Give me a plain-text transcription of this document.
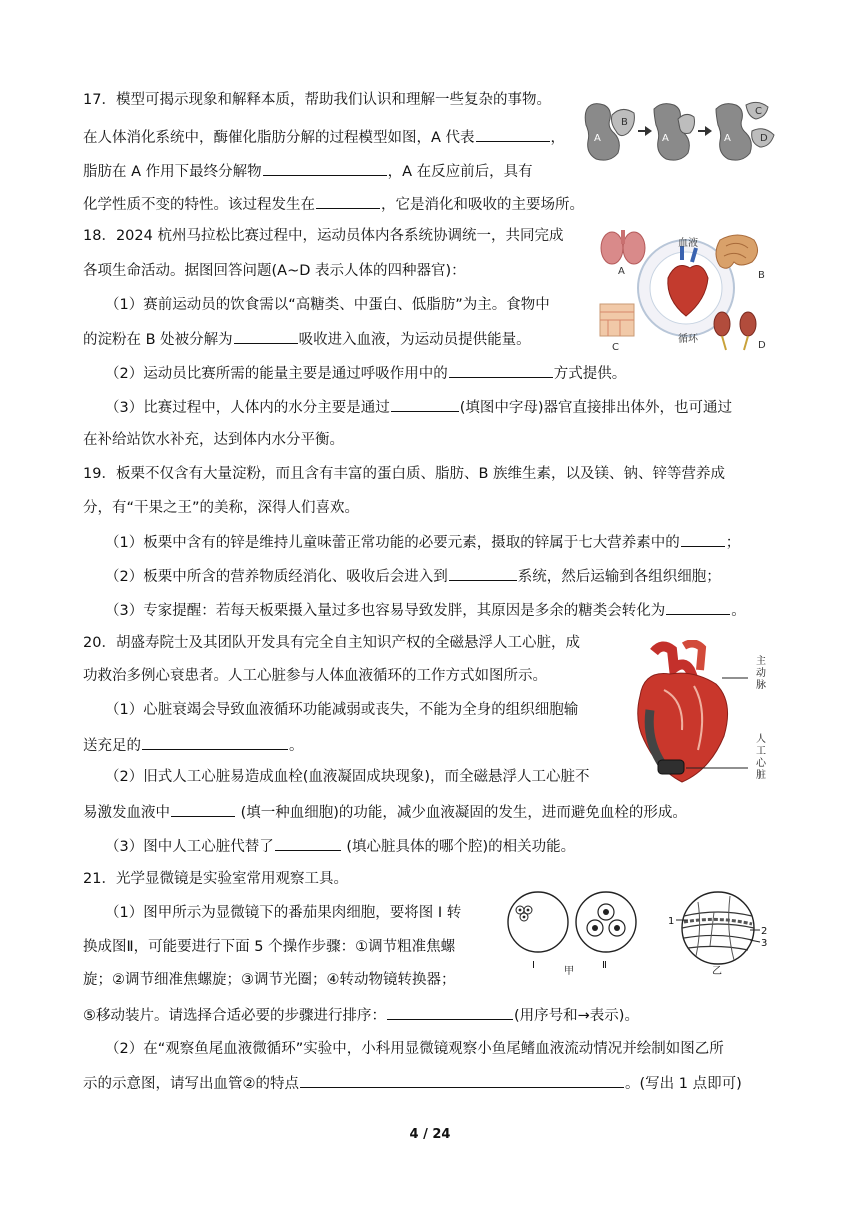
17．模型可揭示现象和解释本质，帮助我们认识和理解一些复杂的事物。
在人体消化系统中，酶催化脂肪分解的过程模型如图，A 代表	，
脂肪在 A 作用下最终分解物	，A 在反应前后，具有
化学性质不变的特性。该过程发生在	，它是消化和吸收的主要场所。
A
B
A
C
A	D
18．2024 杭州马拉松比赛过程中，运动员体内各系统协调统一，共同完成
各项生命活动。据图回答问题(A~D 表示人体的四种器官)：
（1）赛前运动员的饮食需以“高糖类、中蛋白、低脂肪”为主。食物中
的淀粉在 B 处被分解为	吸收进入血液，为运动员提供能量。
（2）运动员比赛所需的能量主要是通过呼吸作用中的	方式提供。
（3）比赛过程中，人体内的水分主要是通过	(填图中字母)器官直接排出体外，也可通过
在补给站饮水补充，达到体内水分平衡。
A
血液
循环
B
C	D
19．板栗不仅含有大量淀粉，而且含有丰富的蛋白质、脂肪、B 族维生素，以及镁、钠、锌等营养成
分，有“干果之王”的美称，深得人们喜欢。
（1）板栗中含有的锌是维持儿童味蕾正常功能的必要元素，摄取的锌属于七大营养素中的	；
（2）板栗中所含的营养物质经消化、吸收后会进入到	系统，然后运输到各组织细胞；
（3）专家提醒：若每天板栗摄入量过多也容易导致发胖，其原因是多余的糖类会转化为	。
20．胡盛寿院士及其团队开发具有完全自主知识产权的全磁悬浮人工心脏，成
功救治多例心衰患者。人工心脏参与人体血液循环的工作方式如图所示。
（1）心脏衰竭会导致血液循环功能减弱或丧失，不能为全身的组织细胞输
送充足的	。
（2）旧式人工心脏易造成血栓(血液凝固成块现象)，而全磁悬浮人工心脏不
易激发血液中	(填一种血细胞)的功能，减少血液凝固的发生，进而避免血栓的形成。
（3）图中人工心脏代替了	(填心脏具体的哪个腔)的相关功能。
主
动
脉
人
工
心
脏
21．光学显微镜是实验室常用观察工具。
（1）图甲所示为显微镜下的番茄果肉细胞，要将图 I 转
换成图Ⅱ，可能要进行下面 5 个操作步骤：①调节粗准焦螺
旋；②调节细准焦螺旋；③调节光圈；④转动物镜转换器；
⑤移动装片。请选择合适必要的步骤进行排序：	(用序号和→表示)。
（2）在“观察鱼尾血液微循环”实验中，小科用显微镜观察小鱼尾鳍血液流动情况并绘制如图乙所
示的示意图，请写出血管②的特点	。(写出 1 点即可)
Ⅰ
甲
Ⅱ
1
2
3
乙
4 / 24
